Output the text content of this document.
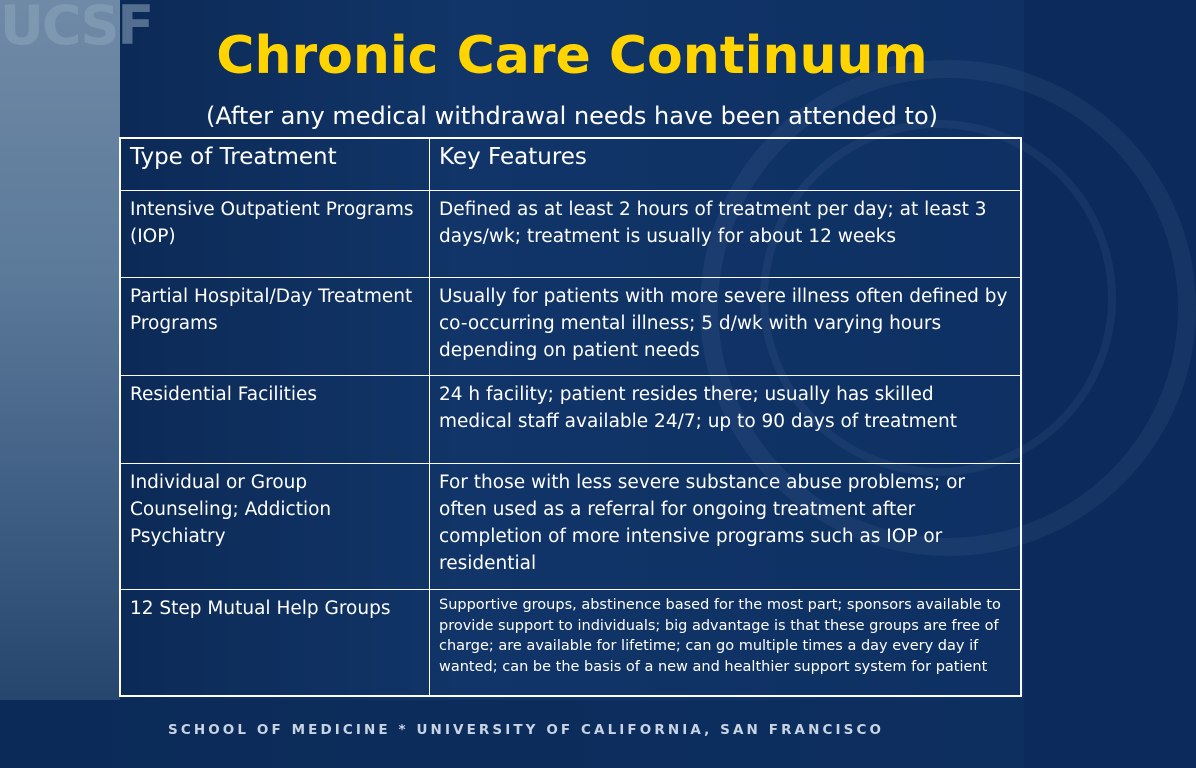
UCSF	Chronic Care Continuum

(After any medical withdrawal needs have been attended to)

Type of Treatment	Key Features
Intensive Outpatient Programs (IOP)	Defined as at least 2 hours of treatment per day; at least 3 days/wk; treatment is usually for about 12 weeks
Partial Hospital/Day Treatment Programs	Usually for patients with more severe illness often defined by co-occurring mental illness; 5 d/wk with varying hours depending on patient needs
Residential Facilities	24 h facility; patient resides there; usually has skilled medical staff available 24/7; up to 90 days of treatment
Individual or Group Counseling; Addiction Psychiatry	For those with less severe substance abuse problems; or often used as a referral for ongoing treatment after completion of more intensive programs such as IOP or residential
12 Step Mutual Help Groups	Supportive groups, abstinence based for the most part; sponsors available to provide support to individuals; big advantage is that these groups are free of charge; are available for lifetime; can go multiple times a day every day if wanted; can be the basis of a new and healthier support system for patient
SCHOOL OF MEDICINE * UNIVERSITY OF CALIFORNIA, SAN FRANCISCO
